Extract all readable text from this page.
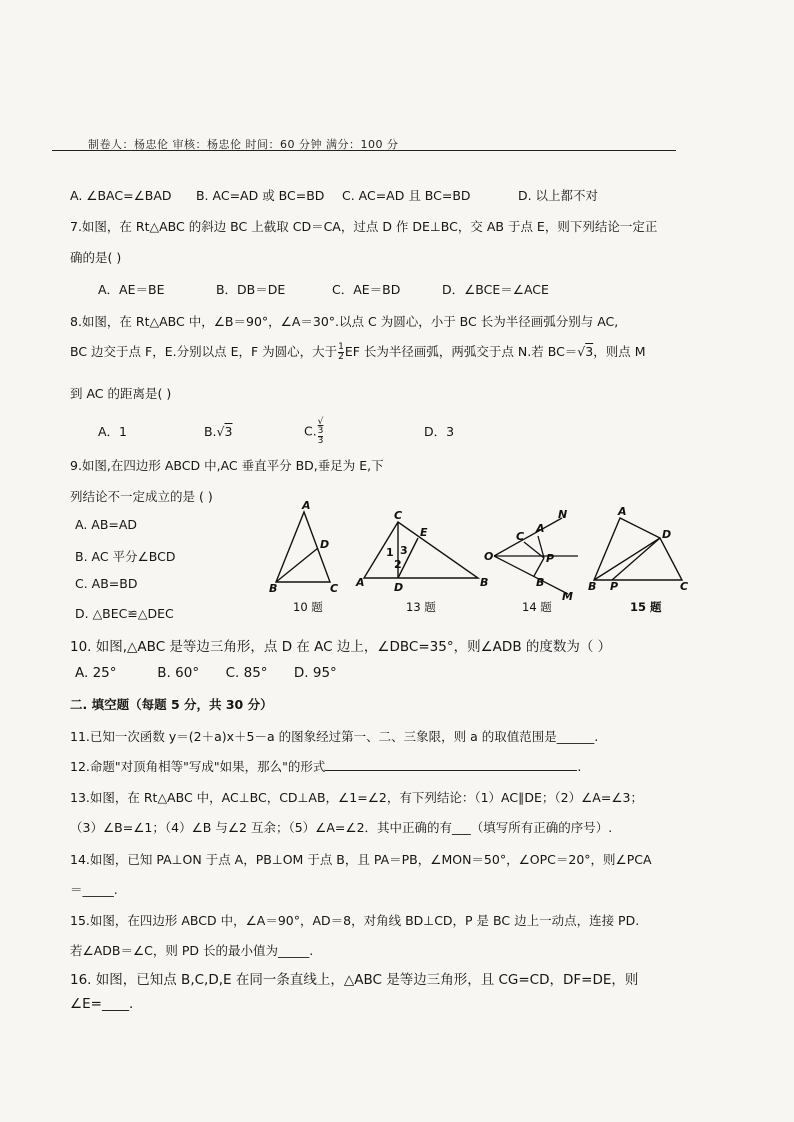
制卷人：杨忠伦 审核：杨忠伦 时间：60 分钟 满分：100 分
A. ∠BAC=∠BAD B. AC=AD 或 BC=BD C. AC=AD 且 BC=BD	D. 以上都不对
7.如图，在 Rt△ABC 的斜边 BC 上截取 CD＝CA，过点 D 作 DE⊥BC，交 AB 于点 E，则下列结论一定正
确的是( )
A．AE＝BE	B．DB＝DE	C．AE＝BD	D．∠BCE＝∠ACE
8.如图，在 Rt△ABC 中，∠B＝90°，∠A＝30°.以点 C 为圆心，小于 BC 长为半径画弧分别与 AC,
BC 边交于点 F，E.分别以点 E，F 为圆心，大于 $\frac{1}{2}$ EF 长为半径画弧，两弧交于点 N.若 BC＝√3，则点 M
到 AC 的距离是( )
A．1	B.√3	C. √
3
3	D．3
9.如图,在四边形 ABCD 中,AC 垂直平分 BD,垂足为 E,下
列结论不一定成立的是 ( )
A. AB=AD
B. AC 平分∠BCD
C. AB=BD
D. △BEC≌△DEC
A
D
B	C
10 题
C
E
1 3
2
A	D	B
13 题
N
A
C
O	P
B
M
14 题
A
D
B P	C
15 题
10. 如图,△ABC 是等边三角形，点 D 在 AC 边上，∠DBC=35°，则∠ADB 的度数为（ ）
A. 25°	B. 60° C. 85° D. 95°
二. 填空题（每题 5 分，共 30 分）
11.已知一次函数 y＝(2＋a)x＋5－a 的图象经过第一、二、三象限，则 a 的取值范围是______.
12.命题"对顶角相等"写成"如果，那么"的形式	.
13.如图，在 Rt△ABC 中，AC⊥BC，CD⊥AB，∠1=∠2，有下列结论：（1）AC∥DE；（2）∠A=∠3；
（3）∠B=∠1；（4）∠B 与∠2 互余；（5）∠A=∠2．其中正确的有___（填写所有正确的序号）.
14.如图，已知 PA⊥ON 于点 A，PB⊥OM 于点 B，且 PA＝PB，∠MON＝50°，∠OPC＝20°，则∠PCA
＝_____.
15.如图，在四边形 ABCD 中，∠A＝90°，AD＝8，对角线 BD⊥CD，P 是 BC 边上一动点，连接 PD.
若∠ADB＝∠C，则 PD 长的最小值为_____.
16. 如图，已知点 B,C,D,E 在同一条直线上，△ABC 是等边三角形，且 CG=CD，DF=DE，则
∠E=____.
